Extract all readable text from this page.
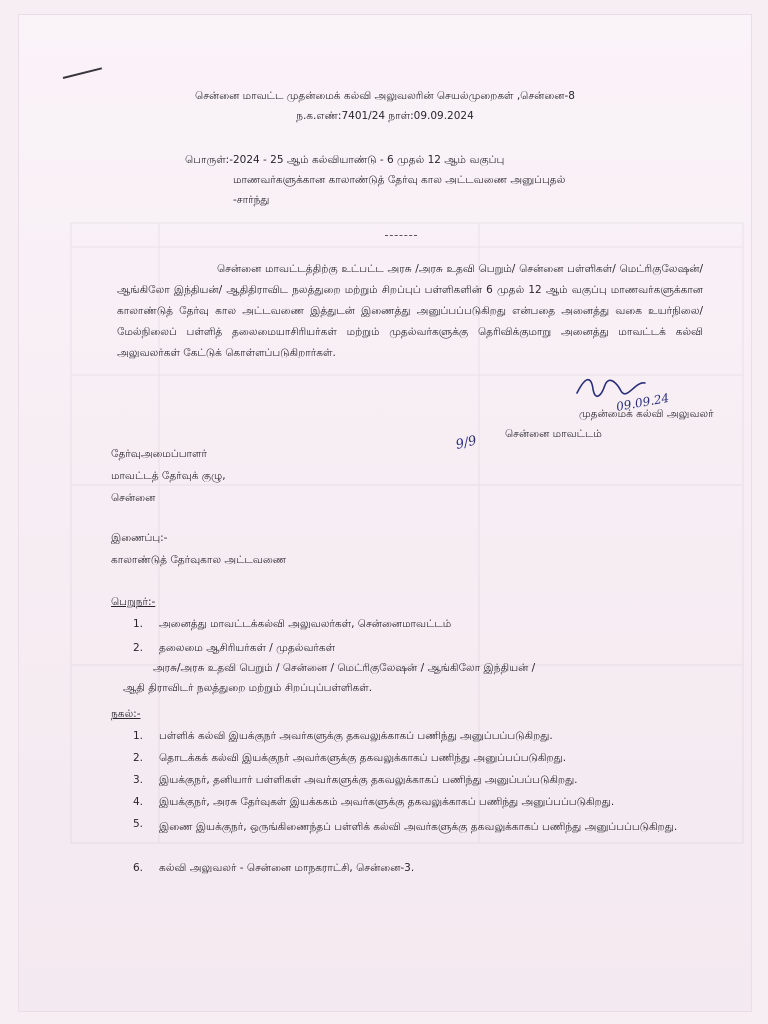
சென்னை மாவட்ட முதன்மைக் கல்வி அலுவலரின் செயல்முறைகள் ,சென்னை-8
ந.க.எண்:7401/24 நாள்:09.09.2024
பொருள்:- 2024 - 25 ஆம் கல்வியாண்டு - 6 முதல் 12 ஆம் வகுப்பு
மாணவர்களுக்கான காலாண்டுத் தேர்வு கால அட்டவணை அனுப்புதல்
-சார்ந்து
சென்னை மாவட்டத்திற்கு உட்பட்ட அரசு /அரசு உதவி பெறும்/ சென்னை பள்ளிகள்/ மெட்ரிகுலேஷன்/ ஆங்கிலோ இந்தியன்/ ஆதிதிராவிட நலத்துறை மற்றும் சிறப்புப் பள்ளிகளின் 6 முதல் 12 ஆம் வகுப்பு மாணவர்களுக்கான காலாண்டுத் தேர்வு கால அட்டவணை இத்துடன் இணைத்து அனுப்பப்படுகிறது என்பதை அனைத்து வகை உயர்நிலை/ மேல்நிலைப் பள்ளித் தலைமையாசிரியர்கள் மற்றும் முதல்வர்களுக்கு தெரிவிக்குமாறு அனைத்து மாவட்டக் கல்வி அலுவலர்கள் கேட்டுக் கொள்ளப்படுகிறார்கள்.
09.09.24
முதன்மைக் கல்வி அலுவலர்
9/9	சென்னை மாவட்டம்
தேர்வுஅமைப்பாளர்
மாவட்டத் தேர்வுக் குழு,
சென்னை
இணைப்பு:-
காலாண்டுத் தேர்வுகால அட்டவணை
பெறுநர்:-
1. அனைத்து மாவட்டக்கல்வி அலுவலர்கள், சென்னைமாவட்டம்
2. தலைமை ஆசிரியர்கள் / முதல்வர்கள்
அரசு/அரசு உதவி பெறும் / சென்னை / மெட்ரிகுலேஷன் / ஆங்கிலோ இந்தியன் /
ஆதி திராவிடர் நலத்துறை மற்றும் சிறப்புப்பள்ளிகள்.
நகல்:-
1. பள்ளிக் கல்வி இயக்குநர் அவர்களுக்கு தகவலுக்காகப் பணிந்து அனுப்பப்படுகிறது.
2. தொடக்கக் கல்வி இயக்குநர் அவர்களுக்கு தகவலுக்காகப் பணிந்து அனுப்பப்படுகிறது.
3. இயக்குநர், தனியார் பள்ளிகள் அவர்களுக்கு தகவலுக்காகப் பணிந்து அனுப்பப்படுகிறது.
4. இயக்குநர், அரசு தேர்வுகள் இயக்ககம் அவர்களுக்கு தகவலுக்காகப் பணிந்து அனுப்பப்படுகிறது.
5. இணை இயக்குநர், ஒருங்கிணைந்தப் பள்ளிக் கல்வி அவர்களுக்கு தகவலுக்காகப் பணிந்து அனுப்பப்படுகிறது.
6. கல்வி அலுவலர் - சென்னை மாநகராட்சி, சென்னை-3.
